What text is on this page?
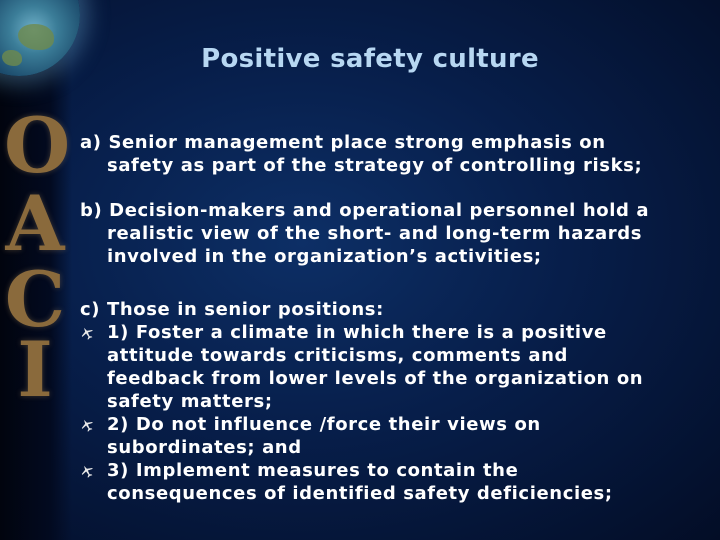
O
A
C
I
Positive safety culture
a) Senior management place strong emphasis on
safety as part of the strategy of controlling risks;
b) Decision-makers and operational personnel hold a
realistic view of the short- and long-term hazards
involved in the organization’s activities;
c) Those in senior positions:
1) Foster a climate in which there is a positive
attitude towards criticisms, comments and
feedback from lower levels of the organization on
safety matters;
2) Do not influence /force their views on
subordinates; and
3) Implement measures to contain the
consequences of identified safety deficiencies;
